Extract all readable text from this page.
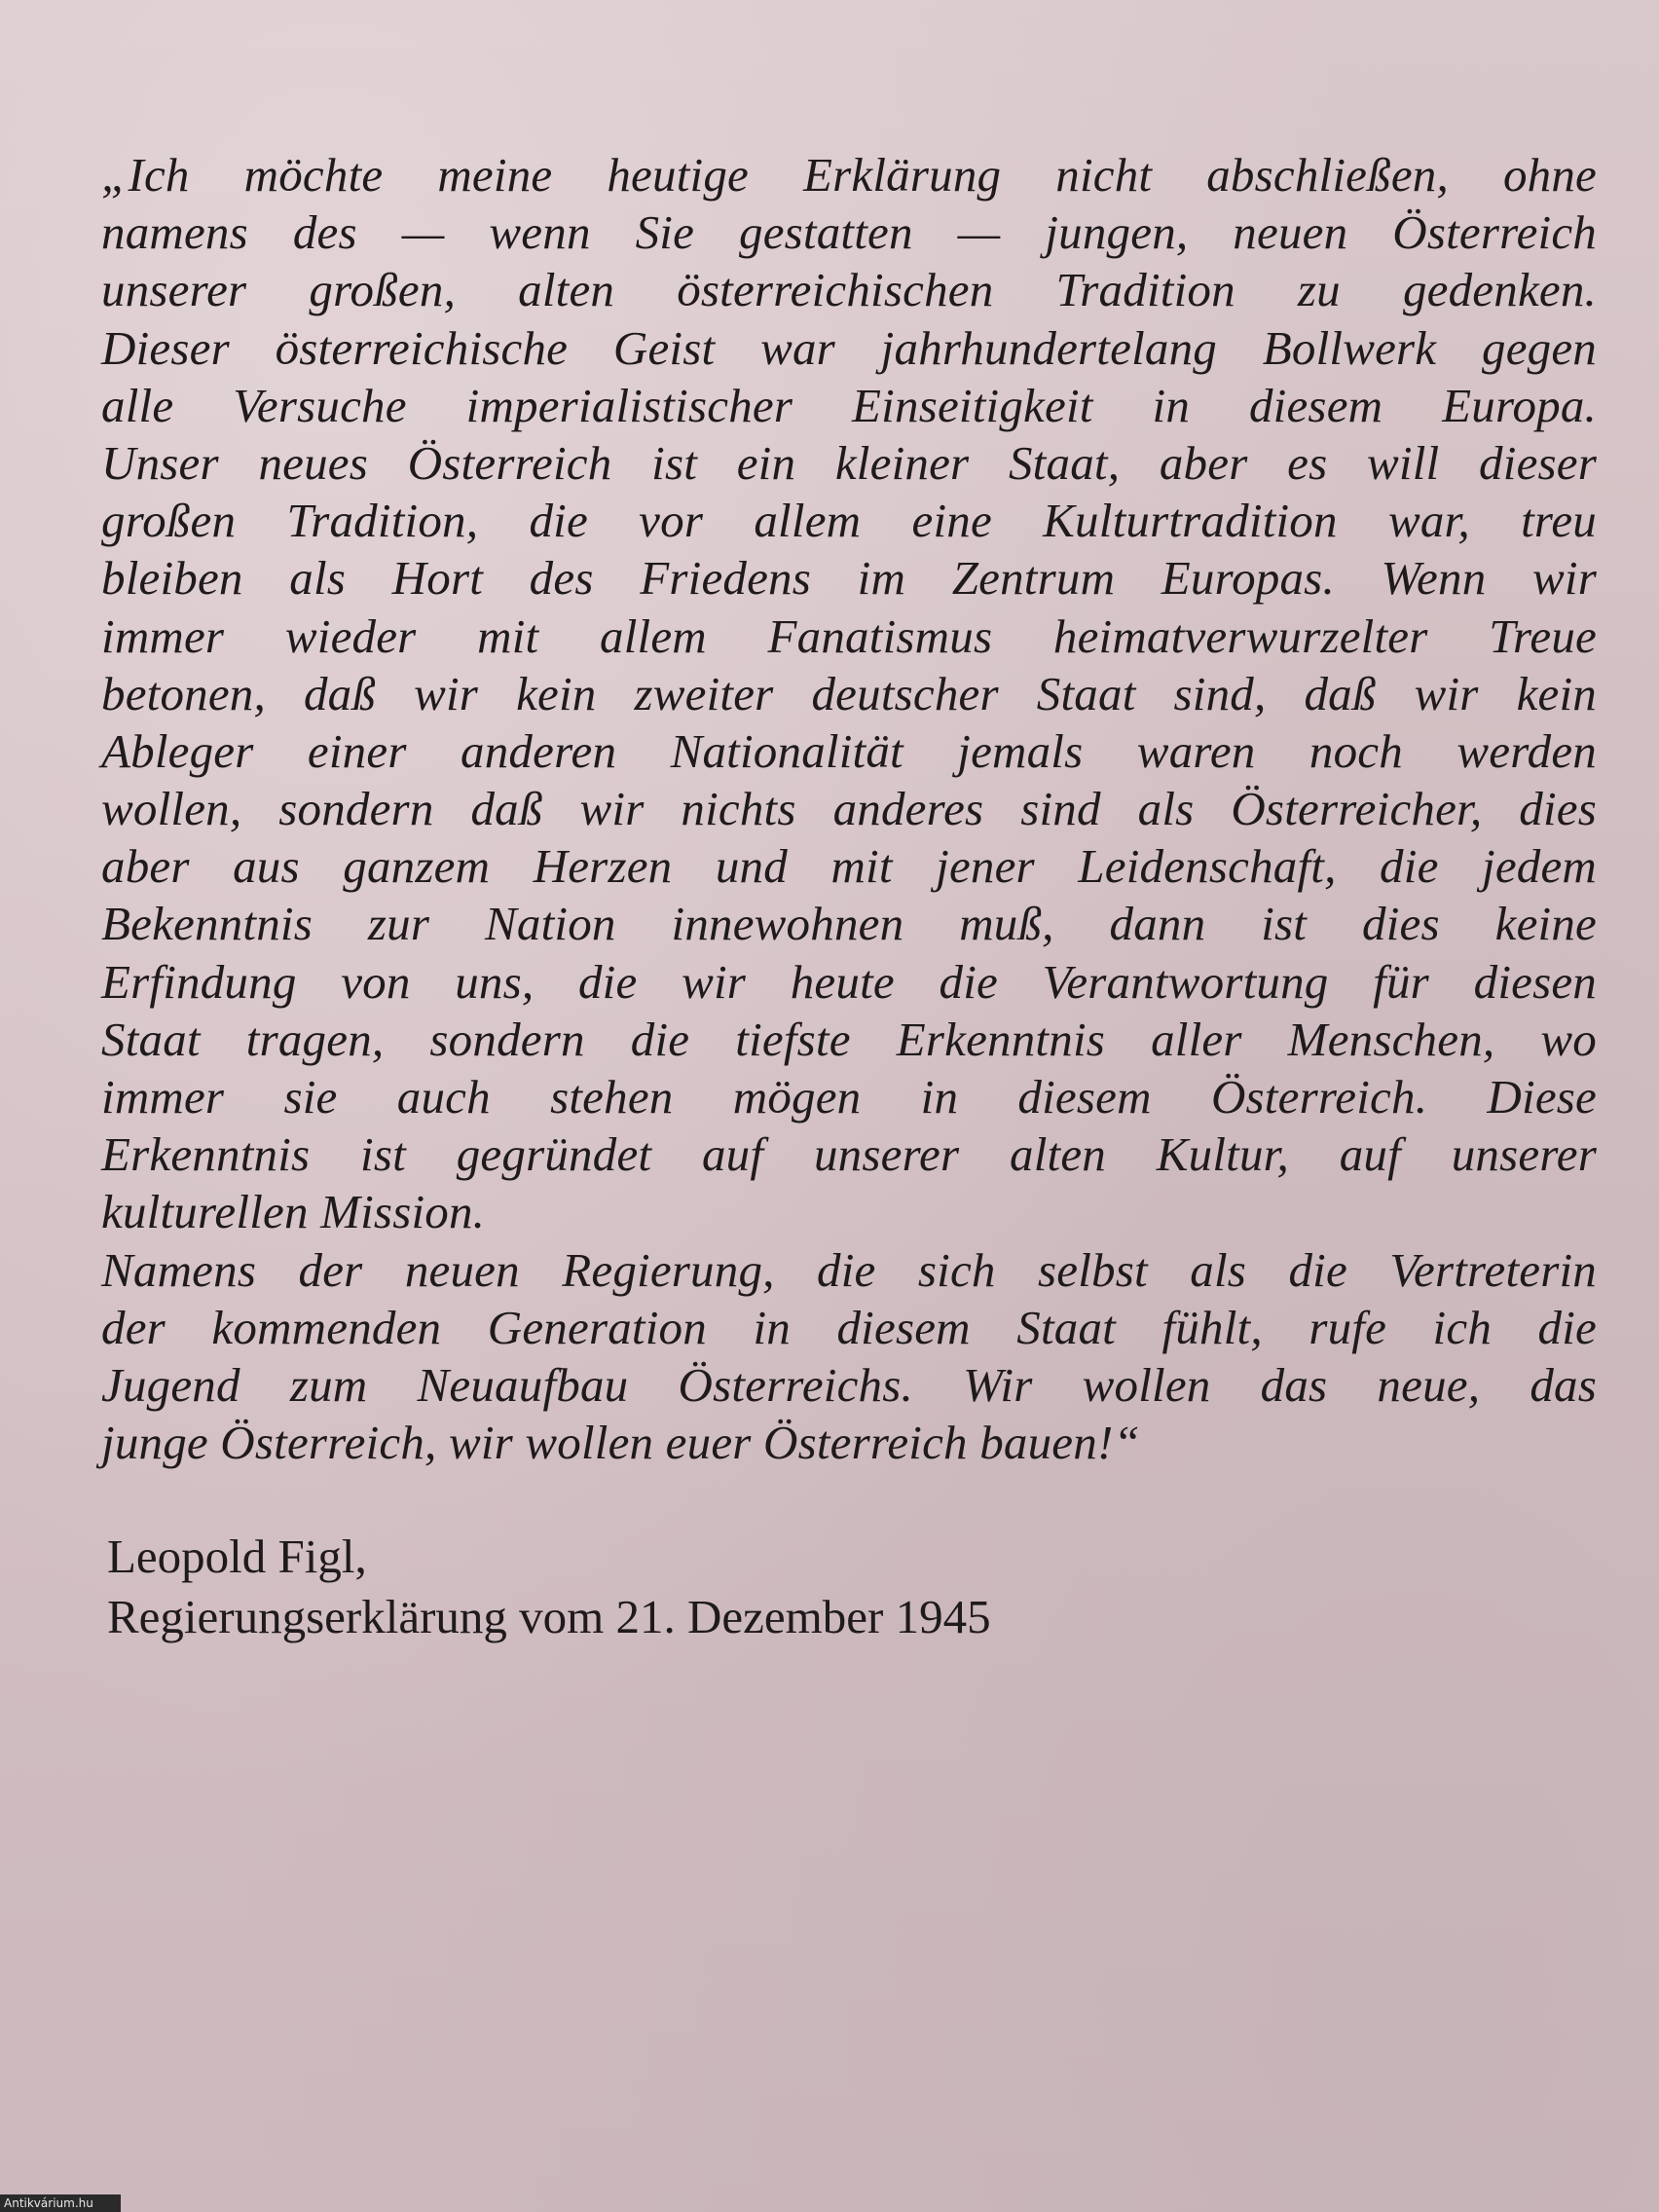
„Ich möchte meine heutige Erklärung nicht abschließen, ohne
namens des — wenn Sie gestatten — jungen, neuen Österreich
unserer großen, alten österreichischen Tradition zu gedenken.
Dieser österreichische Geist war jahrhundertelang Bollwerk gegen
alle Versuche imperialistischer Einseitigkeit in diesem Europa.
Unser neues Österreich ist ein kleiner Staat, aber es will dieser
großen Tradition, die vor allem eine Kulturtradition war, treu
bleiben als Hort des Friedens im Zentrum Europas. Wenn wir
immer wieder mit allem Fanatismus heimatverwurzelter Treue
betonen, daß wir kein zweiter deutscher Staat sind, daß wir kein
Ableger einer anderen Nationalität jemals waren noch werden
wollen, sondern daß wir nichts anderes sind als Österreicher, dies
aber aus ganzem Herzen und mit jener Leidenschaft, die jedem
Bekenntnis zur Nation innewohnen muß, dann ist dies keine
Erfindung von uns, die wir heute die Verantwortung für diesen
Staat tragen, sondern die tiefste Erkenntnis aller Menschen, wo
immer sie auch stehen mögen in diesem Österreich. Diese
Erkenntnis ist gegründet auf unserer alten Kultur, auf unserer
kulturellen Mission.
Namens der neuen Regierung, die sich selbst als die Vertreterin
der kommenden Generation in diesem Staat fühlt, rufe ich die
Jugend zum Neuaufbau Österreichs. Wir wollen das neue, das
junge Österreich, wir wollen euer Österreich bauen!“
Leopold Figl,
Regierungserklärung vom 21. Dezember 1945
Antikvárium.hu
